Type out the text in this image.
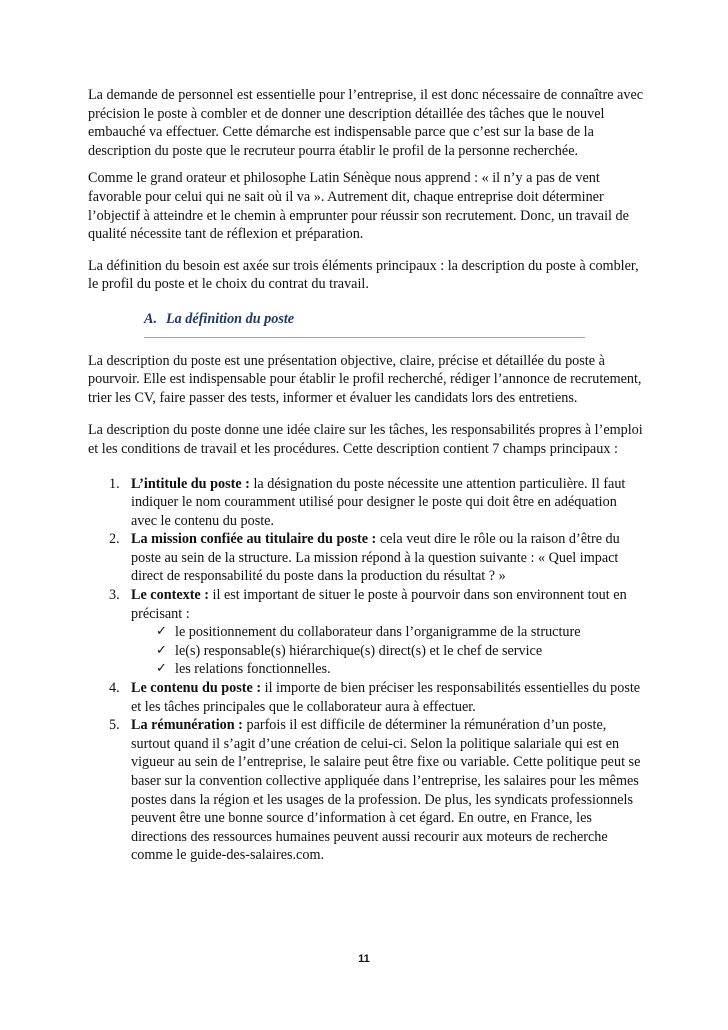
La demande de personnel est essentielle pour l’entreprise, il est donc nécessaire de connaître avec précision le poste à combler et de donner une description détaillée des tâches que le nouvel embauché va effectuer. Cette démarche est indispensable parce que c’est sur la base de la description du poste que le recruteur pourra établir le profil de la personne recherchée.

Comme le grand orateur et philosophe Latin Sénèque nous apprend : « il n’y a pas de vent favorable pour celui qui ne sait où il va ». Autrement dit, chaque entreprise doit déterminer l’objectif à atteindre et le chemin à emprunter pour réussir son recrutement. Donc, un travail de qualité nécessite tant de réflexion et préparation.

La définition du besoin est axée sur trois éléments principaux : la description du poste à combler, le profil du poste et le choix du contrat du travail.

A. La définition du poste

La description du poste est une présentation objective, claire, précise et détaillée du poste à pourvoir. Elle est indispensable pour établir le profil recherché, rédiger l’annonce de recrutement, trier les CV, faire passer des tests, informer et évaluer les candidats lors des entretiens.

La description du poste donne une idée claire sur les tâches, les responsabilités propres à l’emploi et les conditions de travail et les procédures. Cette description contient 7 champs principaux :

1. L’intitule du poste : la désignation du poste nécessite une attention particulière. Il faut indiquer le nom couramment utilisé pour designer le poste qui doit être en adéquation avec le contenu du poste.
2. La mission confiée au titulaire du poste : cela veut dire le rôle ou la raison d’être du poste au sein de la structure. La mission répond à la question suivante : « Quel impact direct de responsabilité du poste dans la production du résultat ? »
3. Le contexte : il est important de situer le poste à pourvoir dans son environnent tout en précisant :
✓ le positionnement du collaborateur dans l’organigramme de la structure
✓ le(s) responsable(s) hiérarchique(s) direct(s) et le chef de service
✓ les relations fonctionnelles.
4. Le contenu du poste : il importe de bien préciser les responsabilités essentielles du poste et les tâches principales que le collaborateur aura à effectuer.
5. La rémunération : parfois il est difficile de déterminer la rémunération d’un poste, surtout quand il s’agit d’une création de celui-ci. Selon la politique salariale qui est en vigueur au sein de l’entreprise, le salaire peut être fixe ou variable. Cette politique peut se baser sur la convention collective appliquée dans l’entreprise, les salaires pour les mêmes postes dans la région et les usages de la profession. De plus, les syndicats professionnels peuvent être une bonne source d’information à cet égard. En outre, en France, les directions des ressources humaines peuvent aussi recourir aux moteurs de recherche comme le guide-des-salaires.com.
11
